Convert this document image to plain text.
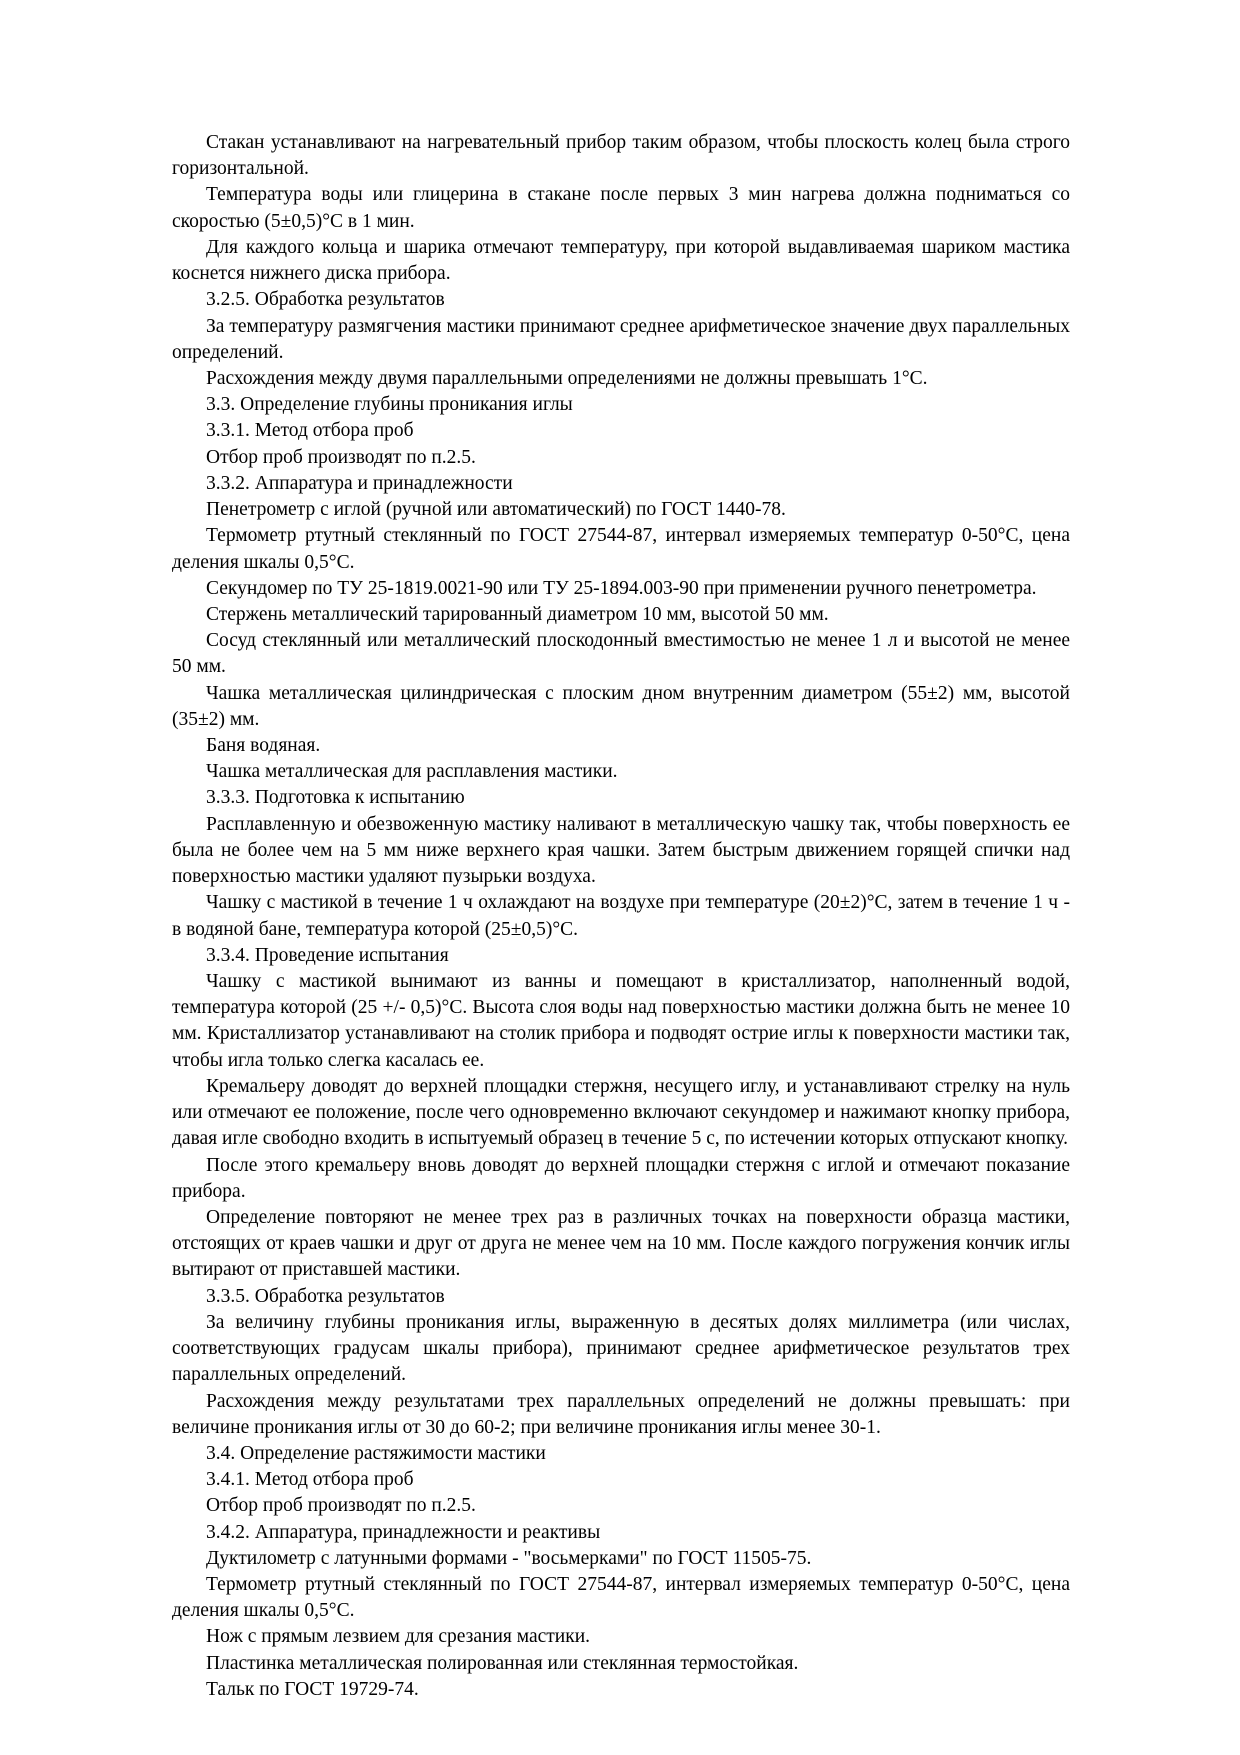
Стакан устанавливают на нагревательный прибор таким образом, чтобы плоскость колец была строго горизонтальной.

Температура воды или глицерина в стакане после первых 3 мин нагрева должна подниматься со скоростью (5±0,5)°С в 1 мин.

Для каждого кольца и шарика отмечают температуру, при которой выдавливаемая шариком мастика коснется нижнего диска прибора.

3.2.5. Обработка результатов

За температуру размягчения мастики принимают среднее арифметическое значение двух параллельных определений.

Расхождения между двумя параллельными определениями не должны превышать 1°С.

3.3. Определение глубины проникания иглы

3.3.1. Метод отбора проб

Отбор проб производят по п.2.5.

3.3.2. Аппаратура и принадлежности

Пенетрометр с иглой (ручной или автоматический) по ГОСТ 1440-78.

Термометр ртутный стеклянный по ГОСТ 27544-87, интервал измеряемых температур 0-50°С, цена деления шкалы 0,5°С.

Секундомер по ТУ 25-1819.0021-90 или ТУ 25-1894.003-90 при применении ручного пенетрометра.

Стержень металлический тарированный диаметром 10 мм, высотой 50 мм.

Сосуд стеклянный или металлический плоскодонный вместимостью не менее 1 л и высотой не менее 50 мм.

Чашка металлическая цилиндрическая с плоским дном внутренним диаметром (55±2) мм, высотой (35±2) мм.

Баня водяная.

Чашка металлическая для расплавления мастики.

3.3.3. Подготовка к испытанию

Расплавленную и обезвоженную мастику наливают в металлическую чашку так, чтобы поверхность ее была не более чем на 5 мм ниже верхнего края чашки. Затем быстрым движением горящей спички над поверхностью мастики удаляют пузырьки воздуха.

Чашку с мастикой в течение 1 ч охлаждают на воздухе при температуре (20±2)°С, затем в течение 1 ч - в водяной бане, температура которой (25±0,5)°С.

3.3.4. Проведение испытания

Чашку с мастикой вынимают из ванны и помещают в кристаллизатор, наполненный водой, температура которой (25 +/- 0,5)°С. Высота слоя воды над поверхностью мастики должна быть не менее 10 мм. Кристаллизатор устанавливают на столик прибора и подводят острие иглы к поверхности мастики так, чтобы игла только слегка касалась ее.

Кремальеру доводят до верхней площадки стержня, несущего иглу, и устанавливают стрелку на нуль или отмечают ее положение, после чего одновременно включают секундомер и нажимают кнопку прибора, давая игле свободно входить в испытуемый образец в течение 5 с, по истечении которых отпускают кнопку.

После этого кремальеру вновь доводят до верхней площадки стержня с иглой и отмечают показание прибора.

Определение повторяют не менее трех раз в различных точках на поверхности образца мастики, отстоящих от краев чашки и друг от друга не менее чем на 10 мм. После каждого погружения кончик иглы вытирают от приставшей мастики.

3.3.5. Обработка результатов

За величину глубины проникания иглы, выраженную в десятых долях миллиметра (или числах, соответствующих градусам шкалы прибора), принимают среднее арифметическое результатов трех параллельных определений.

Расхождения между результатами трех параллельных определений не должны превышать: при величине проникания иглы от 30 до 60-2; при величине проникания иглы менее 30-1.

3.4. Определение растяжимости мастики

3.4.1. Метод отбора проб

Отбор проб производят по п.2.5.

3.4.2. Аппаратура, принадлежности и реактивы

Дуктилометр с латунными формами - "восьмерками" по ГОСТ 11505-75.

Термометр ртутный стеклянный по ГОСТ 27544-87, интервал измеряемых температур 0-50°С, цена деления шкалы 0,5°С.

Нож с прямым лезвием для срезания мастики.

Пластинка металлическая полированная или стеклянная термостойкая.

Тальк по ГОСТ 19729-74.
